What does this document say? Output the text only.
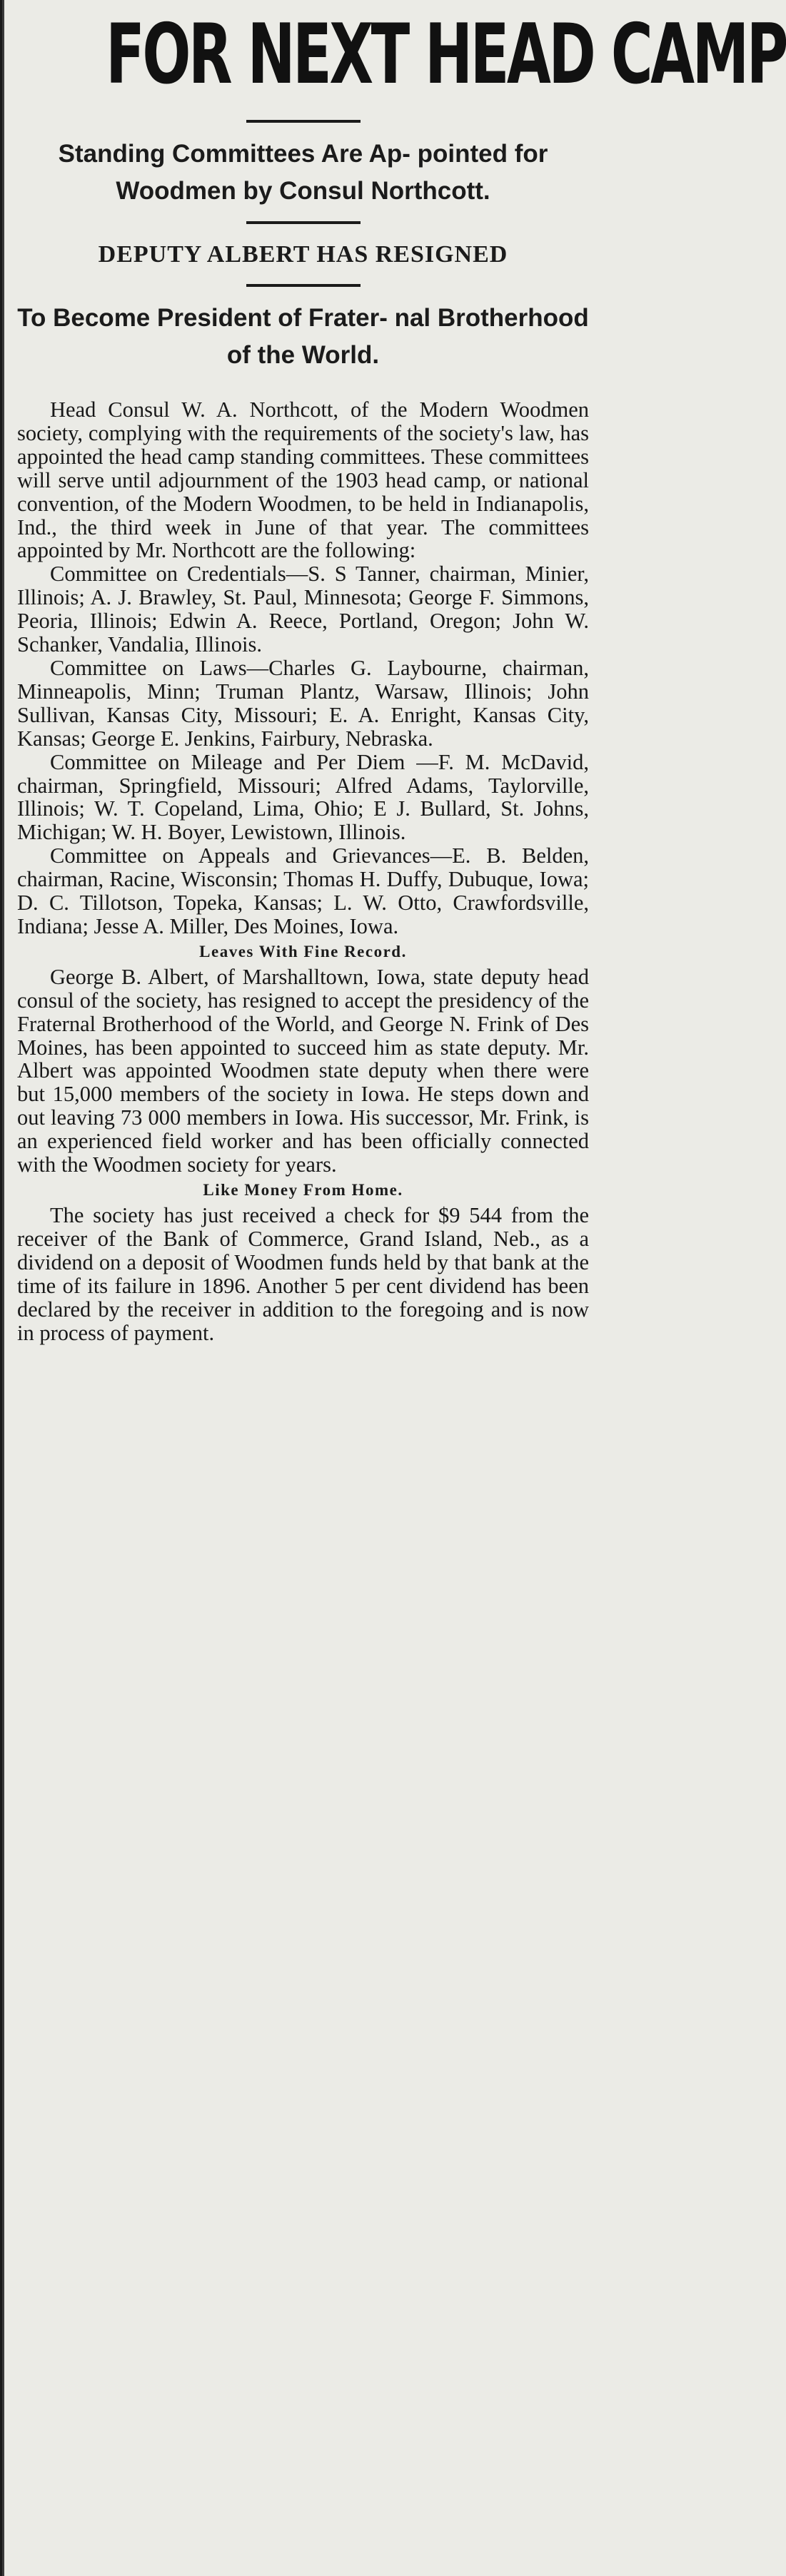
FOR NEXT HEAD CAMP

Standing Committees Are Ap- pointed for Woodmen by Consul Northcott.

DEPUTY ALBERT HAS RESIGNED

To Become President of Frater- nal Brotherhood of the World.

Head Consul W. A. Northcott, of the Modern Woodmen society, complying with the requirements of the society's law, has appointed the head camp standing committees. These committees will serve until adjournment of the 1903 head camp, or national convention, of the Modern Woodmen, to be held in Indianapolis, Ind., the third week in June of that year. The committees appointed by Mr. Northcott are the following:

Committee on Credentials—S. S Tanner, chairman, Minier, Illinois; A. J. Brawley, St. Paul, Minnesota; George F. Simmons, Peoria, Illinois; Edwin A. Reece, Portland, Oregon; John W. Schanker, Vandalia, Illinois.

Committee on Laws—Charles G. Laybourne, chairman, Minneapolis, Minn; Truman Plantz, Warsaw, Illinois; John Sullivan, Kansas City, Missouri; E. A. Enright, Kansas City, Kansas; George E. Jenkins, Fairbury, Nebraska.

Committee on Mileage and Per Diem —F. M. McDavid, chairman, Springfield, Missouri; Alfred Adams, Taylorville, Illinois; W. T. Copeland, Lima, Ohio; E J. Bullard, St. Johns, Michigan; W. H. Boyer, Lewistown, Illinois.

Committee on Appeals and Grievances—E. B. Belden, chairman, Racine, Wisconsin; Thomas H. Duffy, Dubuque, Iowa; D. C. Tillotson, Topeka, Kansas; L. W. Otto, Crawfordsville, Indiana; Jesse A. Miller, Des Moines, Iowa.

Leaves With Fine Record.

George B. Albert, of Marshalltown, Iowa, state deputy head consul of the society, has resigned to accept the presidency of the Fraternal Brotherhood of the World, and George N. Frink of Des Moines, has been appointed to succeed him as state deputy. Mr. Albert was appointed Woodmen state deputy when there were but 15,000 members of the society in Iowa. He steps down and out leaving 73 000 members in Iowa. His successor, Mr. Frink, is an experienced field worker and has been officially connected with the Woodmen society for years.

Like Money From Home.

The society has just received a check for $9 544 from the receiver of the Bank of Commerce, Grand Island, Neb., as a dividend on a deposit of Woodmen funds held by that bank at the time of its failure in 1896. Another 5 per cent dividend has been declared by the receiver in addition to the foregoing and is now in process of payment.
